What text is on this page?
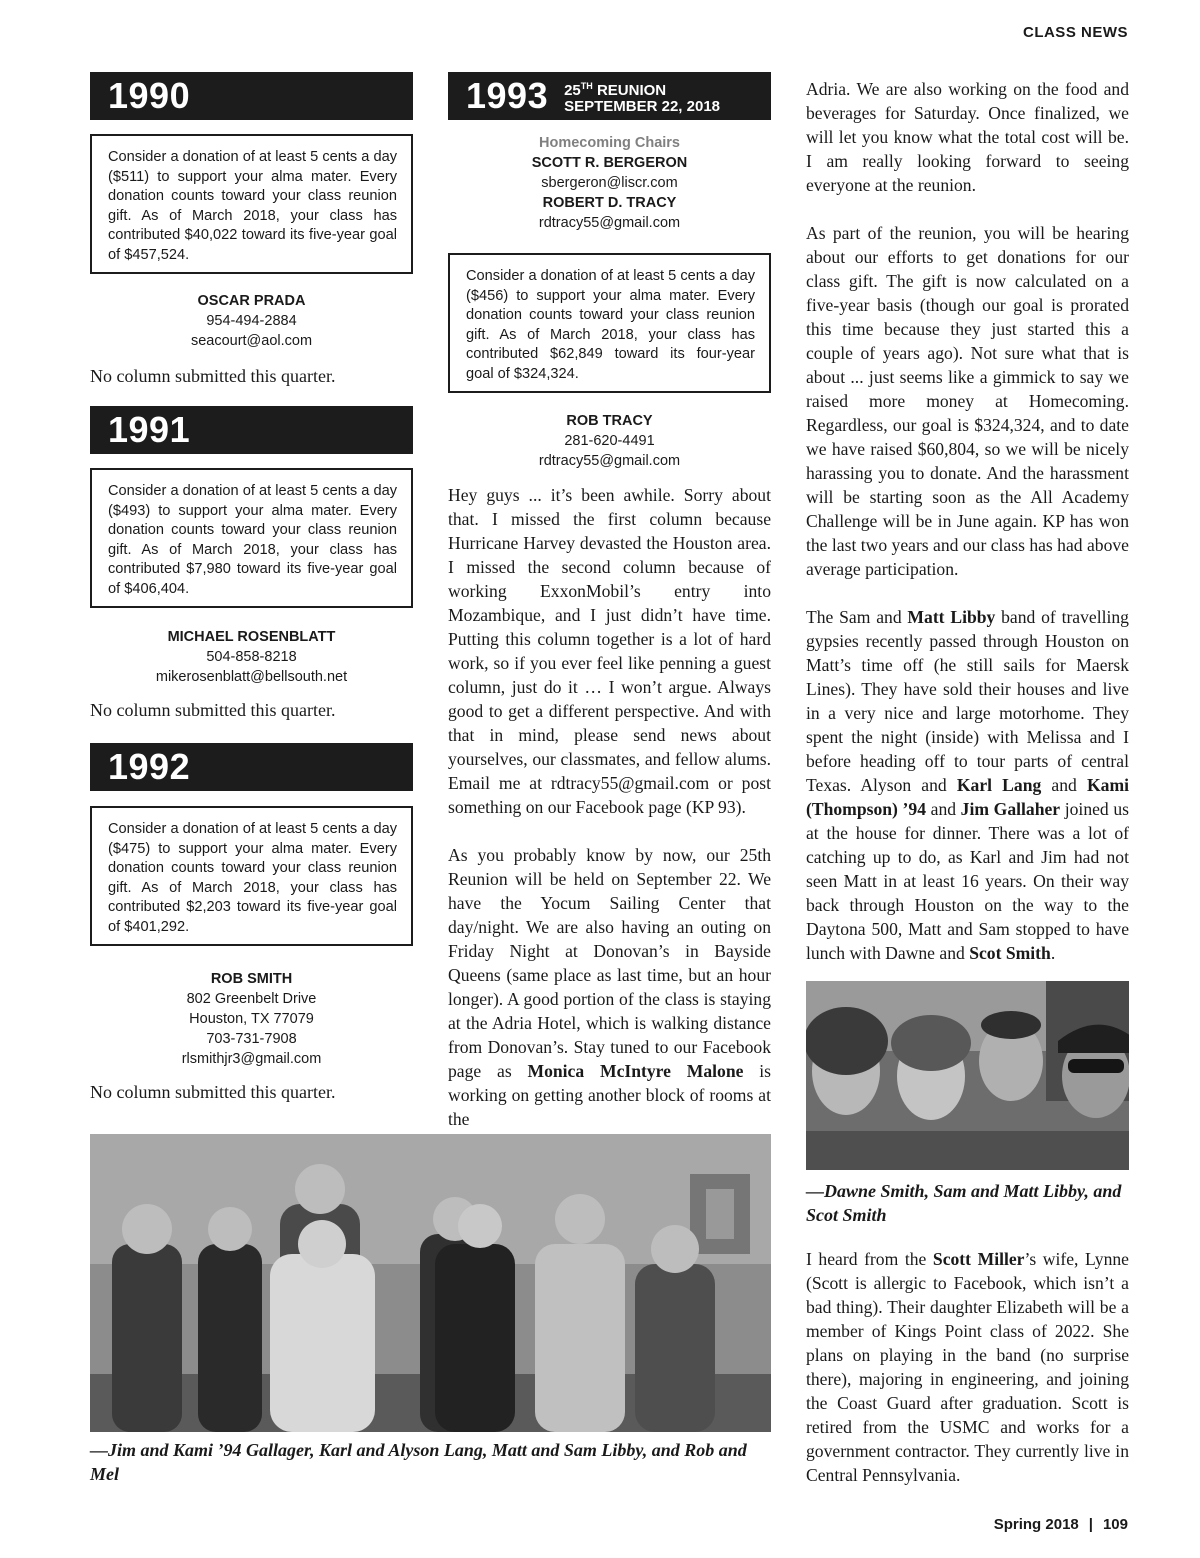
CLASS NEWS
1990
Consider a donation of at least 5 cents a day ($511) to support your alma mater. Every donation counts toward your class reunion gift. As of March 2018, your class has contributed $40,022 toward its five-year goal of $457,524.
OSCAR PRADA
954-494-2884
seacourt@aol.com
No column submitted this quarter.
1991
Consider a donation of at least 5 cents a day ($493) to support your alma mater. Every donation counts toward your class reunion gift. As of March 2018, your class has contributed $7,980 toward its five-year goal of $406,404.
MICHAEL ROSENBLATT
504-858-8218
mikerosenblatt@bellsouth.net
No column submitted this quarter.
1992
Consider a donation of at least 5 cents a day ($475) to support your alma mater. Every donation counts toward your class reunion gift. As of March 2018, your class has contributed $2,203 toward its five-year goal of $401,292.
ROB SMITH
802 Greenbelt Drive
Houston, TX 77079
703-731-7908
rlsmithjr3@gmail.com
No column submitted this quarter.
1993 25TH REUNION
SEPTEMBER 22, 2018
Homecoming Chairs
SCOTT R. BERGERON
sbergeron@liscr.com
ROBERT D. TRACY
rdtracy55@gmail.com
Consider a donation of at least 5 cents a day ($456) to support your alma mater. Every donation counts toward your class reunion gift. As of March 2018, your class has contributed $62,849 toward its four-year goal of $324,324.
ROB TRACY
281-620-4491
rdtracy55@gmail.com

Hey guys ... it’s been awhile. Sorry about that. I missed the first column because Hurricane Harvey devasted the Houston area. I missed the second column because of working ExxonMobil’s entry into Mozambique, and I just didn’t have time. Putting this column together is a lot of hard work, so if you ever feel like penning a guest column, just do it … I won’t argue. Always good to get a different perspective. And with that in mind, please send news about yourselves, our classmates, and fellow alums. Email me at rdtracy55@gmail.com or post something on our Facebook page (KP 93).

As you probably know by now, our 25th Reunion will be held on September 22. We have the Yocum Sailing Center that day/night. We are also having an outing on Friday Night at Donovan’s in Bayside Queens (same place as last time, but an hour longer). A good portion of the class is staying at the Adria Hotel, which is walking distance from Donovan’s. Stay tuned to our Facebook page as Monica McIntyre Malone is working on getting another block of rooms at the

Adria. We are also working on the food and beverages for Saturday. Once finalized, we will let you know what the total cost will be. I am really looking forward to seeing everyone at the reunion.

As part of the reunion, you will be hearing about our efforts to get donations for our class gift. The gift is now calculated on a five-year basis (though our goal is prorated this time because they just started this a couple of years ago). Not sure what that is about ... just seems like a gimmick to say we raised more money at Homecoming. Regardless, our goal is $324,324, and to date we have raised $60,804, so we will be nicely harassing you to donate. And the harassment will be starting soon as the All Academy Challenge will be in June again. KP has won the last two years and our class has had above average participation.

The Sam and Matt Libby band of travelling gypsies recently passed through Houston on Matt’s time off (he still sails for Maersk Lines). They have sold their houses and live in a very nice and large motorhome. They spent the night (inside) with Melissa and I before heading off to tour parts of central Texas. Alyson and Karl Lang and Kami (Thompson) ’94 and Jim Gallaher joined us at the house for dinner. There was a lot of catching up to do, as Karl and Jim had not seen Matt in at least 16 years. On their way back through Houston on the way to the Daytona 500, Matt and Sam stopped to have lunch with Dawne and Scot Smith.

—Dawne Smith, Sam and Matt Libby, and Scot Smith

I heard from the Scott Miller’s wife, Lynne (Scott is allergic to Facebook, which isn’t a bad thing). Their daughter Elizabeth will be a member of Kings Point class of 2022. She plans on playing in the band (no surprise there), majoring in engineering, and joining the Coast Guard after graduation. Scott is retired from the USMC and works for a government contractor. They currently live in Central Pennsylvania.

—Jim and Kami ’94 Gallager, Karl and Alyson Lang, Matt and Sam Libby, and Rob and Mel
Spring 2018 | 109
